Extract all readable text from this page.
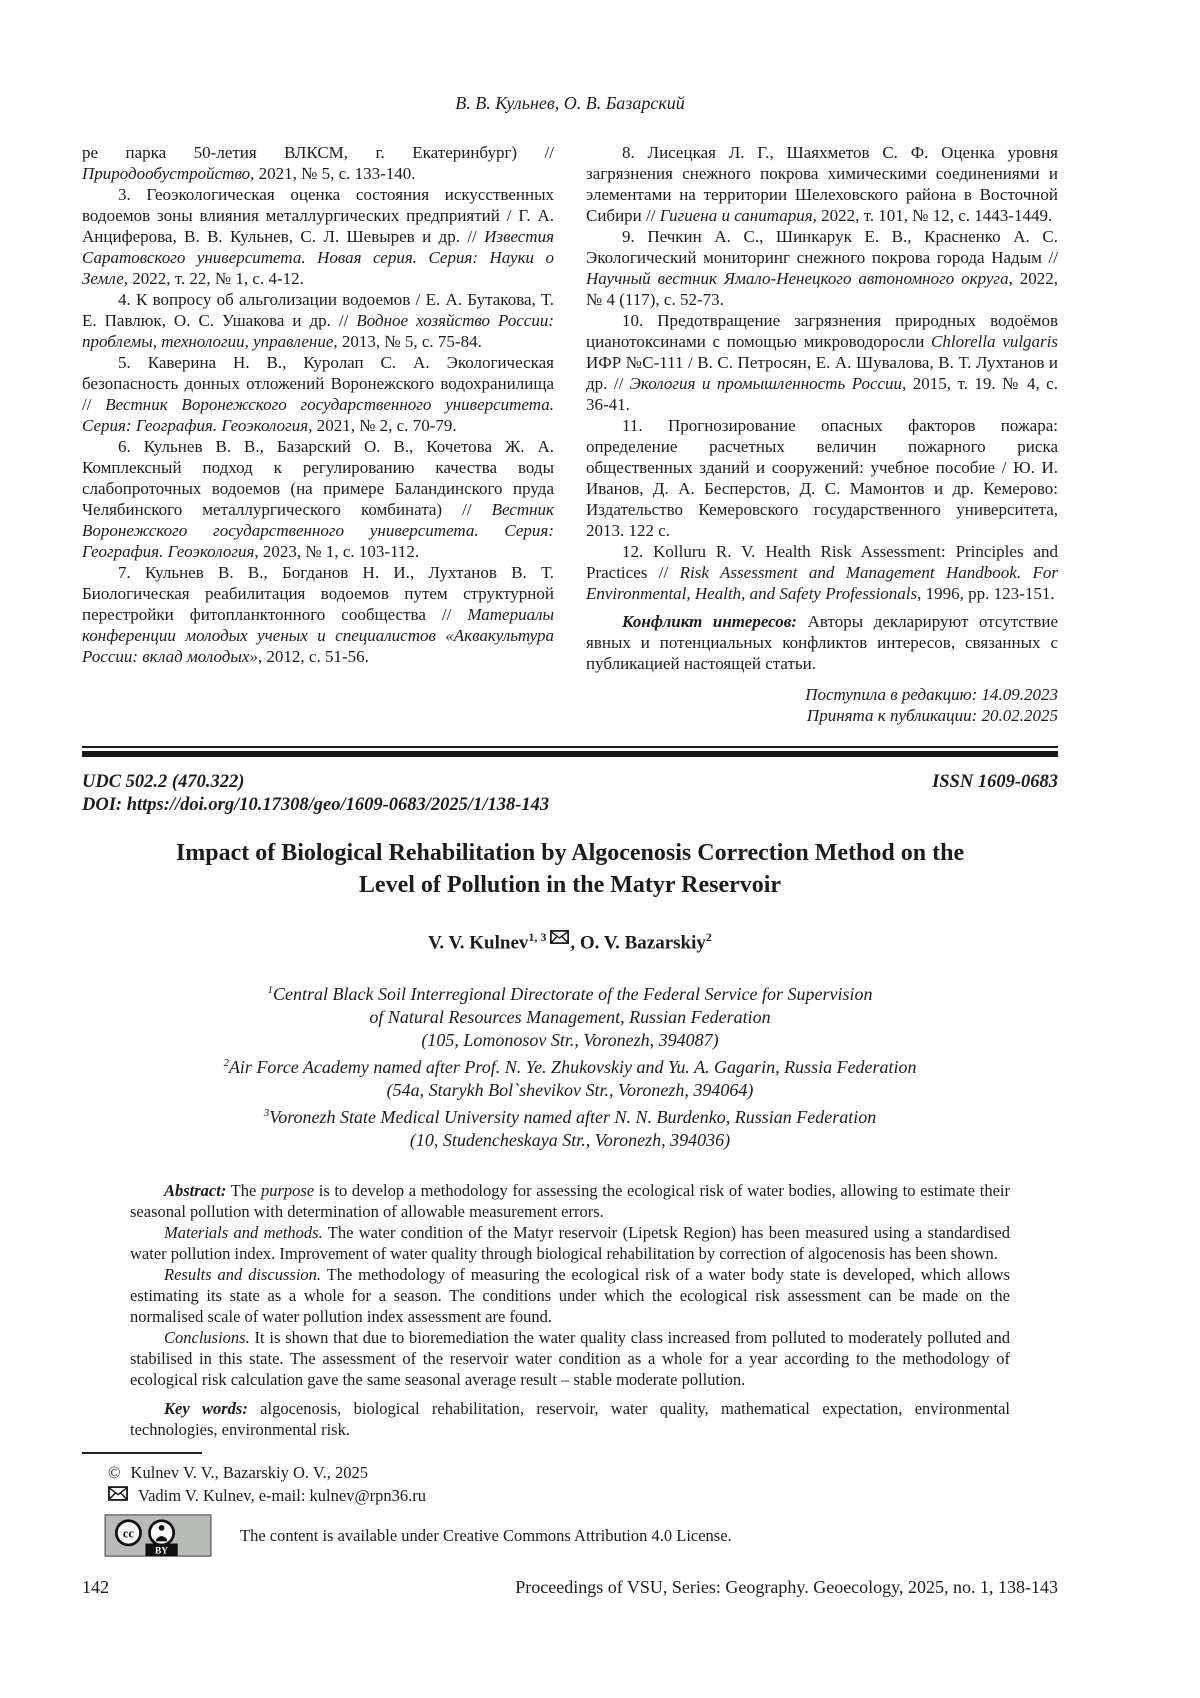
В. В. Кульнев, О. В. Базарский

ре парка 50-летия ВЛКСМ, г. Екатеринбург) // Природообустройство, 2021, № 5, с. 133-140.

3. Геоэкологическая оценка состояния искусственных водоемов зоны влияния металлургических предприятий / Г. А. Анциферова, В. В. Кульнев, С. Л. Шевырев и др. // Известия Саратовского университета. Новая серия. Серия: Науки о Земле, 2022, т. 22, № 1, с. 4-12.

4. К вопросу об альголизации водоемов / Е. А. Бутакова, Т. Е. Павлюк, О. С. Ушакова и др. // Водное хозяйство России: проблемы, технологии, управление, 2013, № 5, с. 75-84.

5. Каверина Н. В., Куролап С. А. Экологическая безопасность донных отложений Воронежского водохранилища // Вестник Воронежского государственного университета. Серия: География. Геоэкология, 2021, № 2, с. 70-79.

6. Кульнев В. В., Базарский О. В., Кочетова Ж. А. Комплексный подход к регулированию качества воды слабопроточных водоемов (на примере Баландинского пруда Челябинского металлургического комбината) // Вестник Воронежского государственного университета. Серия: География. Геоэкология, 2023, № 1, с. 103-112.

7. Кульнев В. В., Богданов Н. И., Лухтанов В. Т. Биологическая реабилитация водоемов путем структурной перестройки фитопланктонного сообщества // Материалы конференции молодых ученых и специалистов «Аквакультура России: вклад молодых», 2012, с. 51-56.

8. Лисецкая Л. Г., Шаяхметов С. Ф. Оценка уровня загрязнения снежного покрова химическими соединениями и элементами на территории Шелеховского района в Восточной Сибири // Гигиена и санитария, 2022, т. 101, № 12, с. 1443-1449.

9. Печкин А. С., Шинкарук Е. В., Красненко А. С. Экологический мониторинг снежного покрова города Надым // Научный вестник Ямало-Ненецкого автономного округа, 2022, № 4 (117), с. 52-73.

10. Предотвращение загрязнения природных водоёмов цианотоксинами с помощью микроводоросли Chlorella vulgaris ИФР №С-111 / В. С. Петросян, Е. А. Шувалова, В. Т. Лухтанов и др. // Экология и промышленность России, 2015, т. 19. № 4, с. 36-41.

11. Прогнозирование опасных факторов пожара: определение расчетных величин пожарного риска общественных зданий и сооружений: учебное пособие / Ю. И. Иванов, Д. А. Бесперстов, Д. С. Мамонтов и др. Кемерово: Издательство Кемеровского государственного университета, 2013. 122 с.

12. Kolluru R. V. Health Risk Assessment: Principles and Practices // Risk Assessment and Management Handbook. For Environmental, Health, and Safety Professionals, 1996, pp. 123-151.

Конфликт интересов: Авторы декларируют отсутствие явных и потенциальных конфликтов интересов, связанных с публикацией настоящей статьи.

Поступила в редакцию: 14.09.2023

Принята к публикации: 20.02.2025

UDC 502.2 (470.322)	ISSN 1609-0683
DOI: https://doi.org/10.17308/geo/1609-0683/2025/1/138-143
Impact of Biological Rehabilitation by Algocenosis Correction Method on the Level of Pollution in the Matyr Reservoir
V. V. Kulnev$^{1, 3}$ , O. V. Bazarskiy$^2$
$^1$Central Black Soil Interregional Directorate of the Federal Service for Supervision
of Natural Resources Management, Russian Federation
(105, Lomonosov Str., Voronezh, 394087)
$^2$Air Force Academy named after Prof. N. Ye. Zhukovskiy and Yu. A. Gagarin, Russia Federation
(54a, Starykh Bol`shevikov Str., Voronezh, 394064)
$^3$Voronezh State Medical University named after N. N. Burdenko, Russian Federation
(10, Studencheskaya Str., Voronezh, 394036)

Abstract: The purpose is to develop a methodology for assessing the ecological risk of water bodies, allowing to estimate their seasonal pollution with determination of allowable measurement errors.

Materials and methods. The water condition of the Matyr reservoir (Lipetsk Region) has been measured using a standardised water pollution index. Improvement of water quality through biological rehabilitation by correction of algocenosis has been shown.

Results and discussion. The methodology of measuring the ecological risk of a water body state is developed, which allows estimating its state as a whole for a season. The conditions under which the ecological risk assessment can be made on the normalised scale of water pollution index assessment are found.

Conclusions. It is shown that due to bioremediation the water quality class increased from polluted to moderately polluted and stabilised in this state. The assessment of the reservoir water condition as a whole for a year according to the methodology of ecological risk calculation gave the same seasonal average result – stable moderate pollution.

Key words: algocenosis, biological rehabilitation, reservoir, water quality, mathematical expectation, environmental technologies, environmental risk.

© Kulnev V. V., Bazarskiy O. V., 2025
Vadim V. Kulnev, e-mail: kulnev@rpn36.ru
BY
cc	The content is available under Creative Commons Attribution 4.0 License.
142	Proceedings of VSU, Series: Geography. Geoecology, 2025, no. 1, 138-143
